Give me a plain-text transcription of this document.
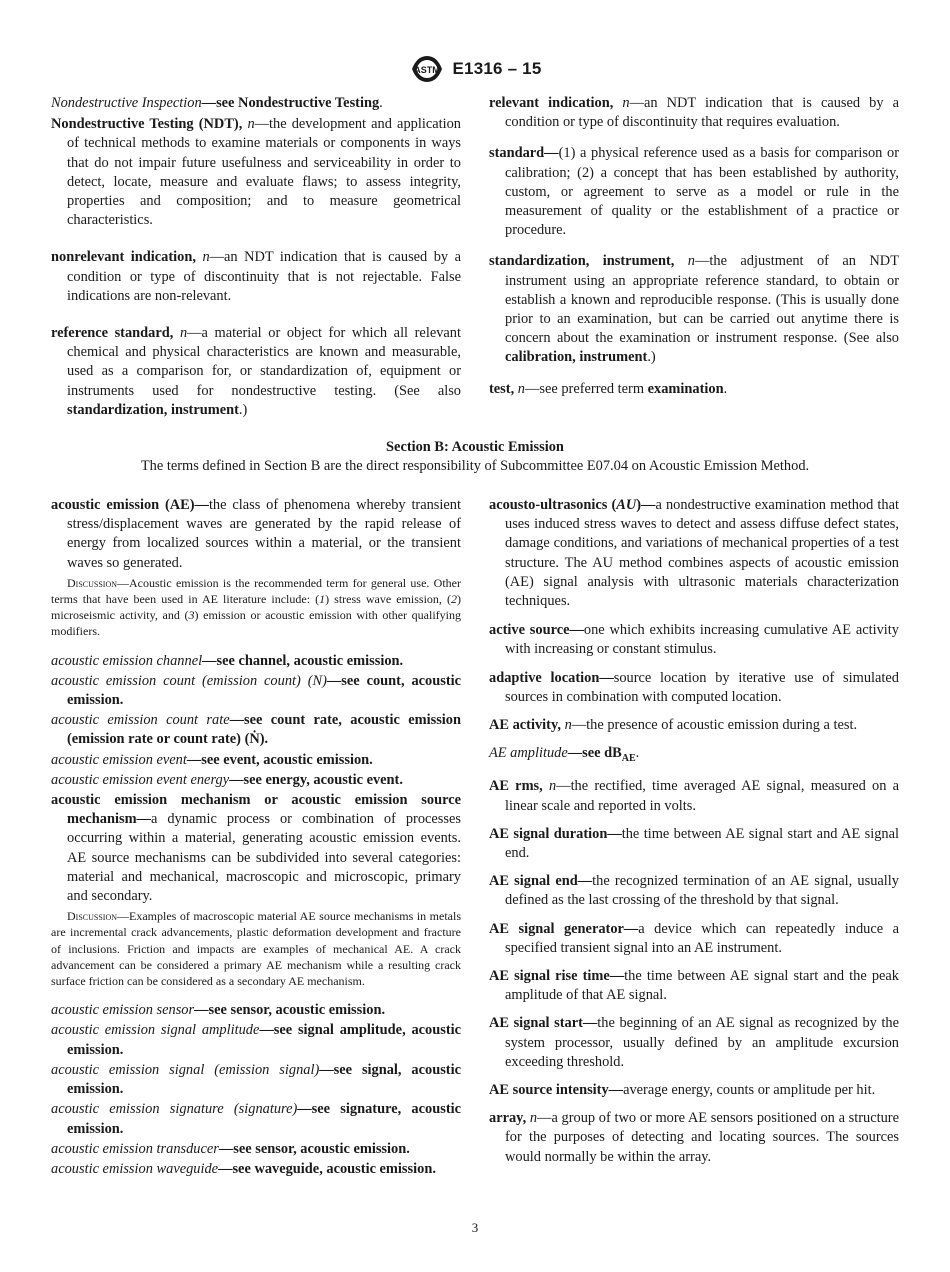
ASTM E1316 – 15

Nondestructive Inspection—see Nondestructive Testing.

Nondestructive Testing (NDT), n—the development and application of technical methods to examine materials or components in ways that do not impair future usefulness and serviceability in order to detect, locate, measure and evaluate flaws; to assess integrity, properties and composition; and to measure geometrical characteristics.

nonrelevant indication, n—an NDT indication that is caused by a condition or type of discontinuity that is not rejectable. False indications are non-relevant.

reference standard, n—a material or object for which all relevant chemical and physical characteristics are known and measurable, used as a comparison for, or standardization of, equipment or instruments used for nondestructive testing. (See also standardization, instrument.)

relevant indication, n—an NDT indication that is caused by a condition or type of discontinuity that requires evaluation.

standard—(1) a physical reference used as a basis for comparison or calibration; (2) a concept that has been established by authority, custom, or agreement to serve as a model or rule in the measurement of quality or the establishment of a practice or procedure.

standardization, instrument, n—the adjustment of an NDT instrument using an appropriate reference standard, to obtain or establish a known and reproducible response. (This is usually done prior to an examination, but can be carried out anytime there is concern about the examination or instrument response. (See also calibration, instrument.)

test, n—see preferred term examination.

Section B: Acoustic Emission
The terms defined in Section B are the direct responsibility of Subcommittee E07.04 on Acoustic Emission Method.

acoustic emission (AE)—the class of phenomena whereby transient stress/displacement waves are generated by the rapid release of energy from localized sources within a material, or the transient waves so generated.

Discussion—Acoustic emission is the recommended term for general use. Other terms that have been used in AE literature include: (1) stress wave emission, (2) microseismic activity, and (3) emission or acoustic emission with other qualifying modifiers.

acoustic emission channel—see channel, acoustic emission.

acoustic emission count (emission count) (N)—see count, acoustic emission.

acoustic emission count rate—see count rate, acoustic emission (emission rate or count rate) (Ṅ).

acoustic emission event—see event, acoustic emission.

acoustic emission event energy—see energy, acoustic event.

acoustic emission mechanism or acoustic emission source mechanism—a dynamic process or combination of processes occurring within a material, generating acoustic emission events. AE source mechanisms can be subdivided into several categories: material and mechanical, macroscopic and microscopic, primary and secondary.

Discussion—Examples of macroscopic material AE source mechanisms in metals are incremental crack advancements, plastic deformation development and fracture of inclusions. Friction and impacts are examples of mechanical AE. A crack advancement can be considered a primary AE mechanism while a resulting crack surface friction can be considered as a secondary AE mechanism.

acoustic emission sensor—see sensor, acoustic emission.

acoustic emission signal amplitude—see signal amplitude, acoustic emission.

acoustic emission signal (emission signal)—see signal, acoustic emission.

acoustic emission signature (signature)—see signature, acoustic emission.

acoustic emission transducer—see sensor, acoustic emission.

acoustic emission waveguide—see waveguide, acoustic emission.

acousto-ultrasonics (AU)—a nondestructive examination method that uses induced stress waves to detect and assess diffuse defect states, damage conditions, and variations of mechanical properties of a test structure. The AU method combines aspects of acoustic emission (AE) signal analysis with ultrasonic materials characterization techniques.

active source—one which exhibits increasing cumulative AE activity with increasing or constant stimulus.

adaptive location—source location by iterative use of simulated sources in combination with computed location.

AE activity, n—the presence of acoustic emission during a test.

AE amplitude—see $dB_{AE}$.

AE rms, n—the rectified, time averaged AE signal, measured on a linear scale and reported in volts.

AE signal duration—the time between AE signal start and AE signal end.

AE signal end—the recognized termination of an AE signal, usually defined as the last crossing of the threshold by that signal.

AE signal generator—a device which can repeatedly induce a specified transient signal into an AE instrument.

AE signal rise time—the time between AE signal start and the peak amplitude of that AE signal.

AE signal start—the beginning of an AE signal as recognized by the system processor, usually defined by an amplitude excursion exceeding threshold.

AE source intensity—average energy, counts or amplitude per hit.

array, n—a group of two or more AE sensors positioned on a structure for the purposes of detecting and locating sources. The sources would normally be within the array.

3
